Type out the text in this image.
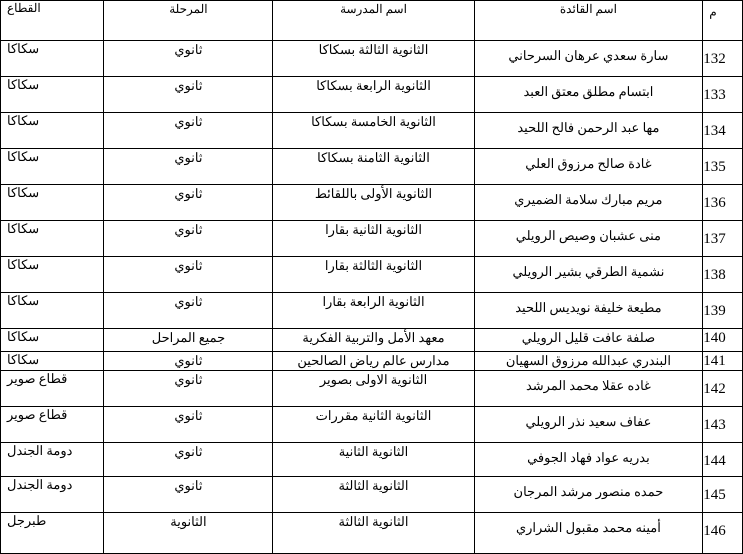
القطاع	المرحلة	اسم المدرسة	اسم القائدة	م

سكاكا	ثانوي	الثانوية الثالثة بسكاكا	سارة سعدي عرهان السرحاني	132

سكاكا	ثانوي	الثانوية الرابعة بسكاكا	ابتسام مطلق معتق العبد	133

سكاكا	ثانوي	الثانوية الخامسة بسكاكا	مها عبد الرحمن فالح اللحيد	134

سكاكا	ثانوي	الثانوية الثامنة بسكاكا	غادة صالح مرزوق العلي	135

سكاكا	ثانوي	الثانوية الأولى باللقائط	مريم مبارك سلامة الضميري	136

سكاكا	ثانوي	الثانوية الثانية بقارا	منى عشبان وصيص الرويلي	137

سكاكا	ثانوي	الثانوية الثالثة بقارا	نشمية الطرقي بشير الرويلي	138

سكاكا	ثانوي	الثانوية الرابعة بقارا	مطيعة خليفة نويديس اللحيد	139

سكاكا	جميع المراحل	معهد الأمل والتربية الفكرية	صلفة عافت قليل الرويلي	140

سكاكا	ثانوي	مدارس عالم رياض الصالحين	البندري عبدالله مرزوق السهيان	141

قطاع صوير	ثانوي	الثانوية الاولى بصوير	غاده عقلا محمد المرشد	142

قطاع صوير	ثانوي	الثانوية الثانية مقررات	عفاف سعيد نذر الرويلي	143

دومة الجندل	ثانوي	الثانوية الثانية	بدريه عواد فهاد الجوفي	144

دومة الجندل	ثانوي	الثانوية الثالثة	حمده منصور مرشد المرجان	145

طبرجل	الثانوية	الثانوية الثالثة	أمينه محمد مقبول الشراري	146
